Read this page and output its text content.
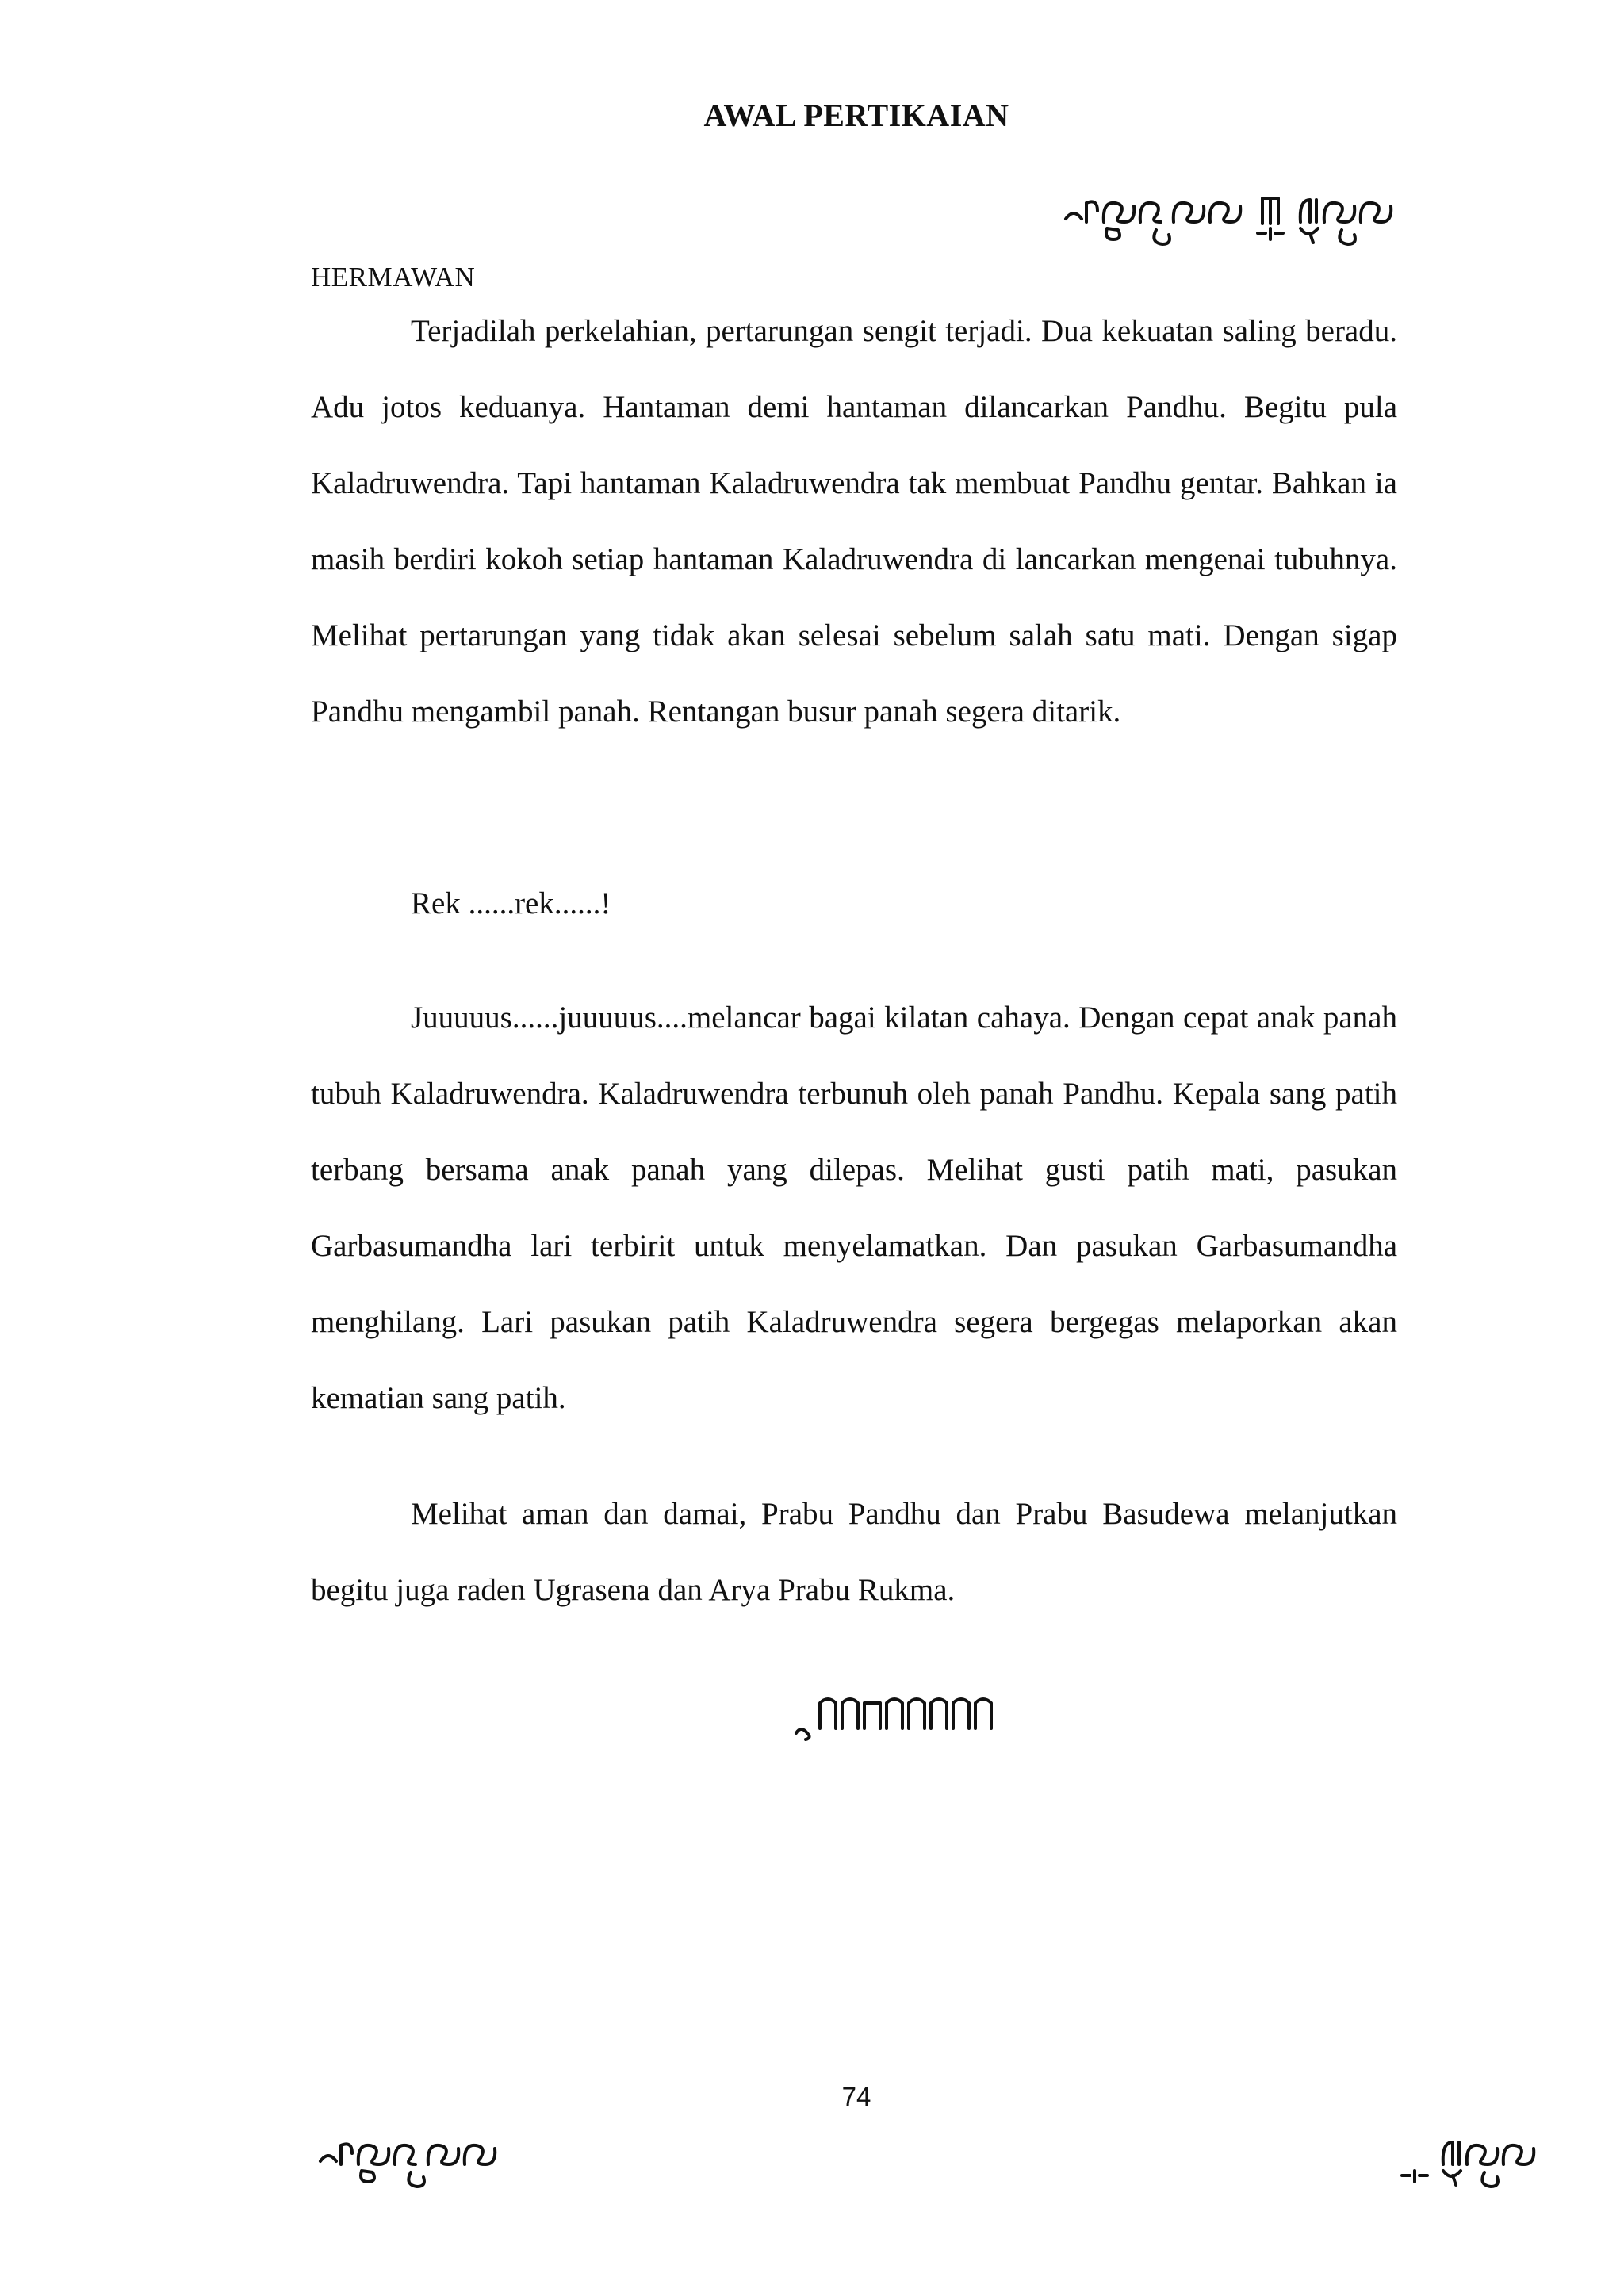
AWAL PERTIKAIAN
HERMAWAN

Terjadilah perkelahian, pertarungan sengit terjadi. Dua kekuatan saling beradu. Adu jotos keduanya. Hantaman demi hantaman dilancarkan Pandhu. Begitu pula Kaladruwendra. Tapi hantaman Kaladruwendra tak membuat Pandhu gentar. Bahkan ia masih berdiri kokoh setiap hantaman Kaladruwendra di lancarkan mengenai tubuhnya. Melihat pertarungan yang tidak akan selesai sebelum salah satu mati. Dengan sigap Pandhu mengambil panah. Rentangan busur panah segera ditarik.

Rek ......rek......!

Juuuuus......juuuuus....melancar bagai kilatan cahaya. Dengan cepat anak panah tubuh Kaladruwendra. Kaladruwendra terbunuh oleh panah Pandhu. Kepala sang patih terbang bersama anak panah yang dilepas. Melihat gusti patih mati, pasukan Garbasumandha lari terbirit untuk menyelamatkan. Dan pasukan Garbasumandha menghilang. Lari pasukan patih Kaladruwendra segera bergegas melaporkan akan kematian sang patih.

Melihat aman dan damai, Prabu Pandhu dan Prabu Basudewa melanjutkan begitu juga raden Ugrasena dan Arya Prabu Rukma.

74
